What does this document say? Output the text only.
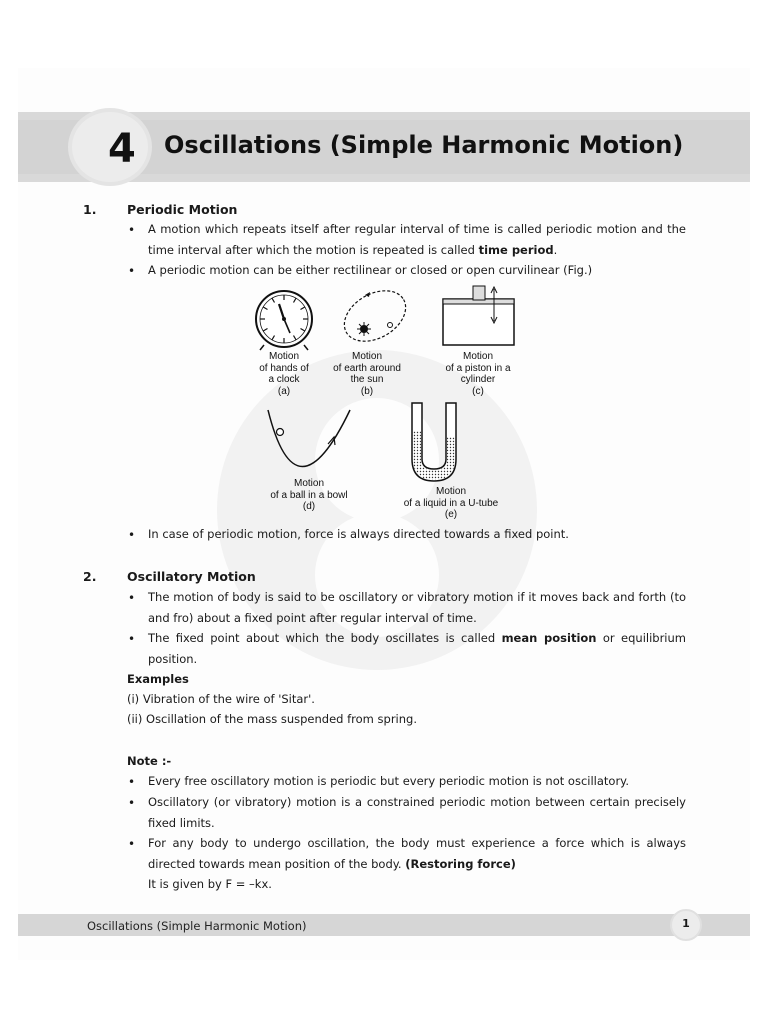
4 Oscillations (Simple Harmonic Motion)
1. Periodic Motion
• A motion which repeats itself after regular interval of time is called periodic motion and the time interval after which the motion is repeated is called time period.
• A periodic motion can be either rectilinear or closed or open curvilinear (Fig.)
Motion
of hands of
a clock
(a)
Motion
of earth around
the sun
(b)
Motion
of a piston in a
cylinder
(c)
Motion
of a ball in a bowl
(d)
Motion
of a liquid in a U-tube
(e)
• In case of periodic motion, force is always directed towards a fixed point.
2. Oscillatory Motion
• The motion of body is said to be oscillatory or vibratory motion if it moves back and forth (to and fro) about a fixed point after regular interval of time.
• The fixed point about which the body oscillates is called mean position or equilibrium position.
Examples
(i) Vibration of the wire of 'Sitar'.
(ii) Oscillation of the mass suspended from spring.
Note :-
• Every free oscillatory motion is periodic but every periodic motion is not oscillatory.
• Oscillatory (or vibratory) motion is a constrained periodic motion between certain precisely fixed limits.
• For any body to undergo oscillation, the body must experience a force which is always directed towards mean position of the body. (Restoring force)
It is given by F = –kx.
Oscillations (Simple Harmonic Motion)	1
